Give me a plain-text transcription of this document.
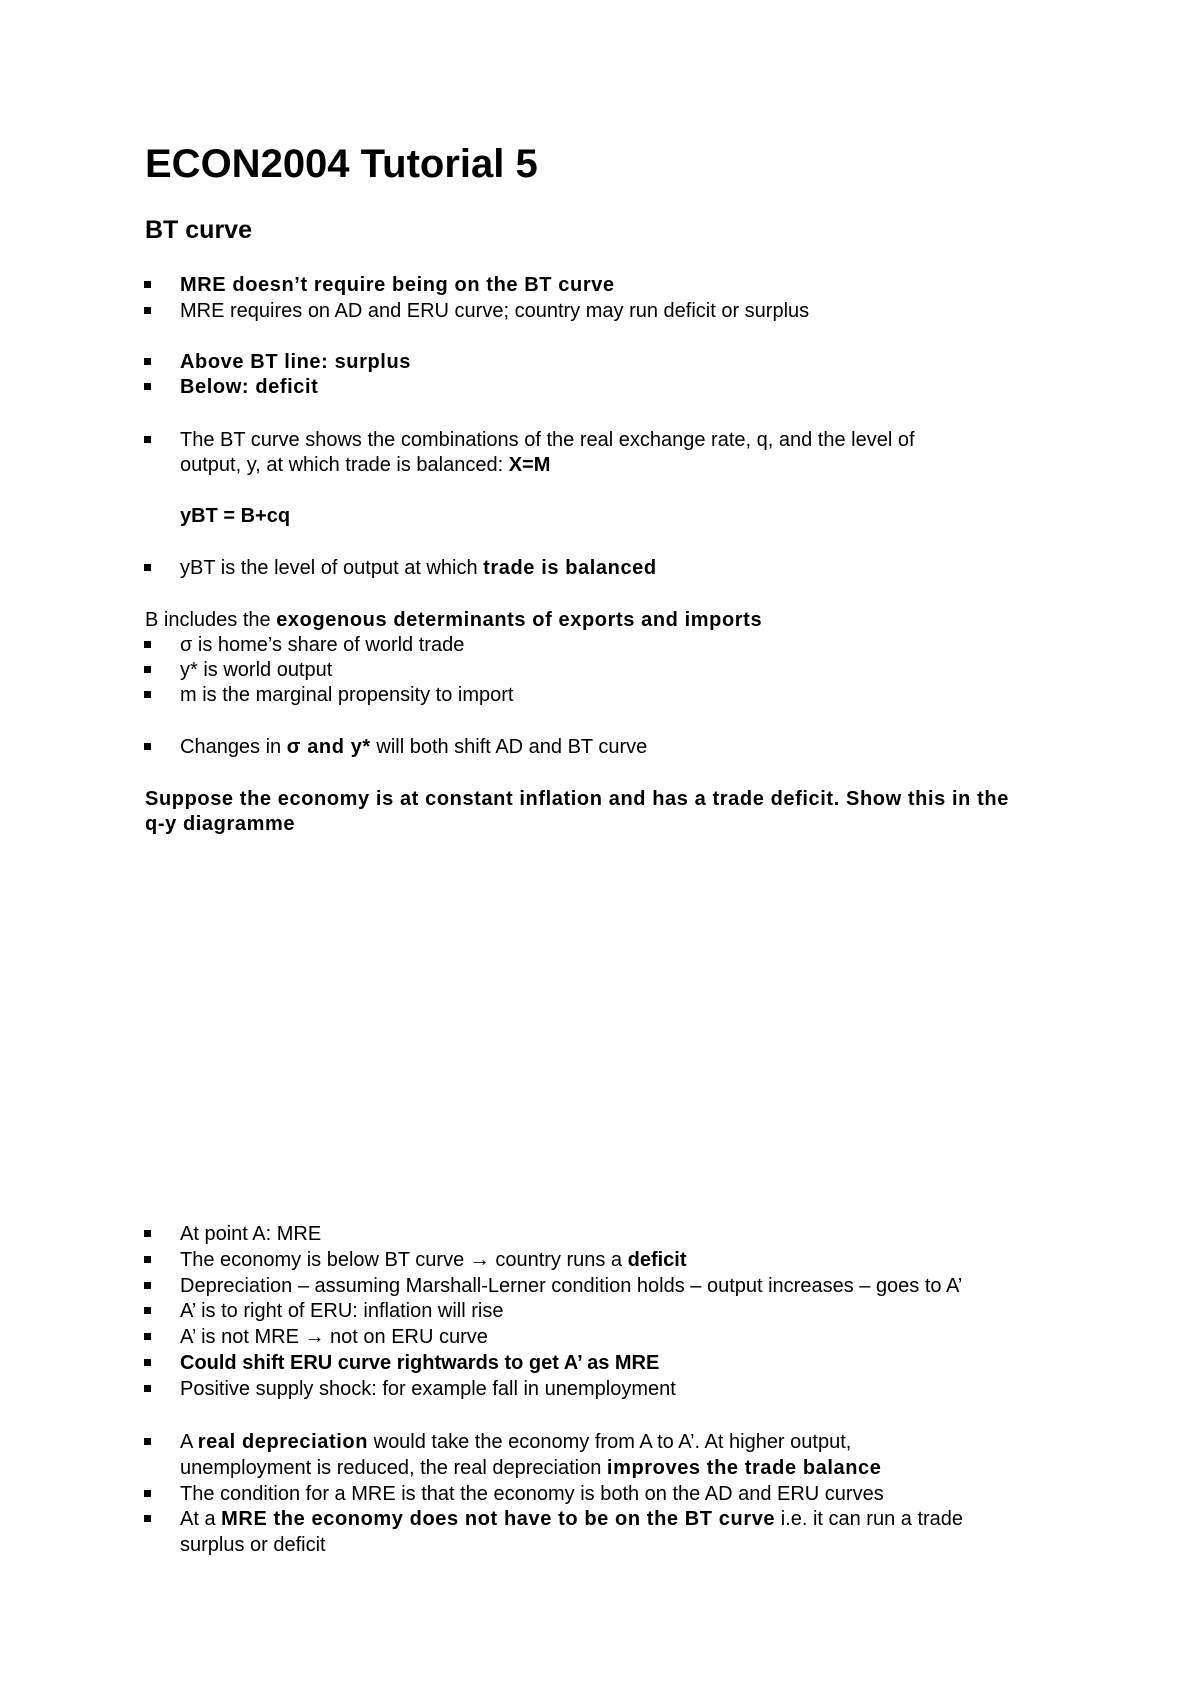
ECON2004 Tutorial 5
BT curve
MRE doesn’t require being on the BT curve
MRE requires on AD and ERU curve; country may run deficit or surplus
Above BT line: surplus
Below: deficit
The BT curve shows the combinations of the real exchange rate, q, and the level of
output, y, at which trade is balanced: X=M
yBT = B+cq
yBT is the level of output at which trade is balanced
B includes the exogenous determinants of exports and imports
σ is home’s share of world trade
y* is world output
m is the marginal propensity to import
Changes in σ and y* will both shift AD and BT curve
Suppose the economy is at constant inflation and has a trade deficit. Show this in the
q-y diagramme
At point A: MRE
The economy is below BT curve → country runs a deficit
Depreciation – assuming Marshall-Lerner condition holds – output increases – goes to A’
A’ is to right of ERU: inflation will rise
A’ is not MRE → not on ERU curve
Could shift ERU curve rightwards to get A’ as MRE
Positive supply shock: for example fall in unemployment
A real depreciation would take the economy from A to A’. At higher output,
unemployment is reduced, the real depreciation improves the trade balance
The condition for a MRE is that the economy is both on the AD and ERU curves
At a MRE the economy does not have to be on the BT curve i.e. it can run a trade
surplus or deficit
